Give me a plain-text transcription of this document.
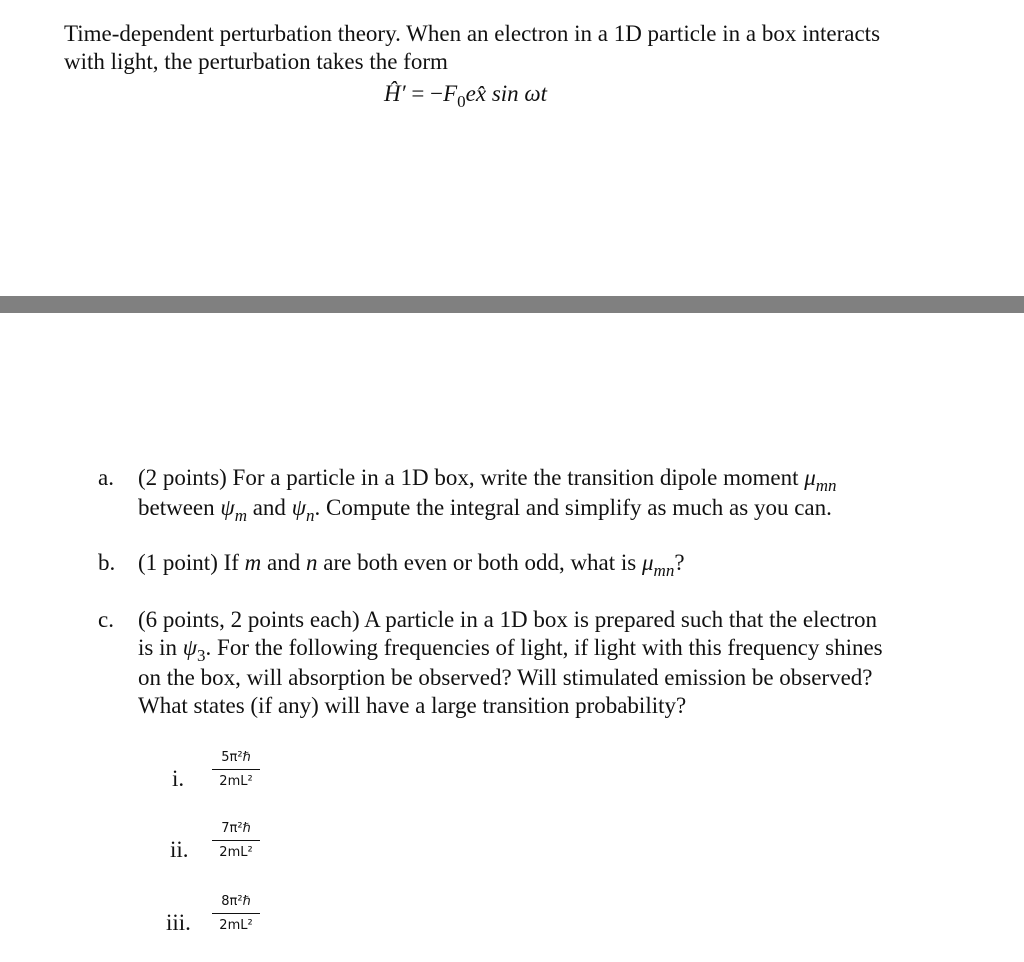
Time-dependent perturbation theory. When an electron in a 1D particle in a box interacts
with light, the perturbation takes the form
Ĥ′ = $-F_0ex̂$ sin ωt
a. (2 points) For a particle in a 1D box, write the transition dipole moment $\mu_{mn}$
between $\psi_m$ and $\psi_n$. Compute the integral and simplify as much as you can.
b. (1 point) If m and n are both even or both odd, what is $\mu_{mn}$?
c. (6 points, 2 points each) A particle in a 1D box is prepared such that the electron
is in $\psi_3$. For the following frequencies of light, if light with this frequency shines
on the box, will absorption be observed? Will stimulated emission be observed?
What states (if any) will have a large transition probability?
i.
5π²ℏ
2mL²
ii.
7π²ℏ
2mL²
iii.
8π²ℏ
2mL²
